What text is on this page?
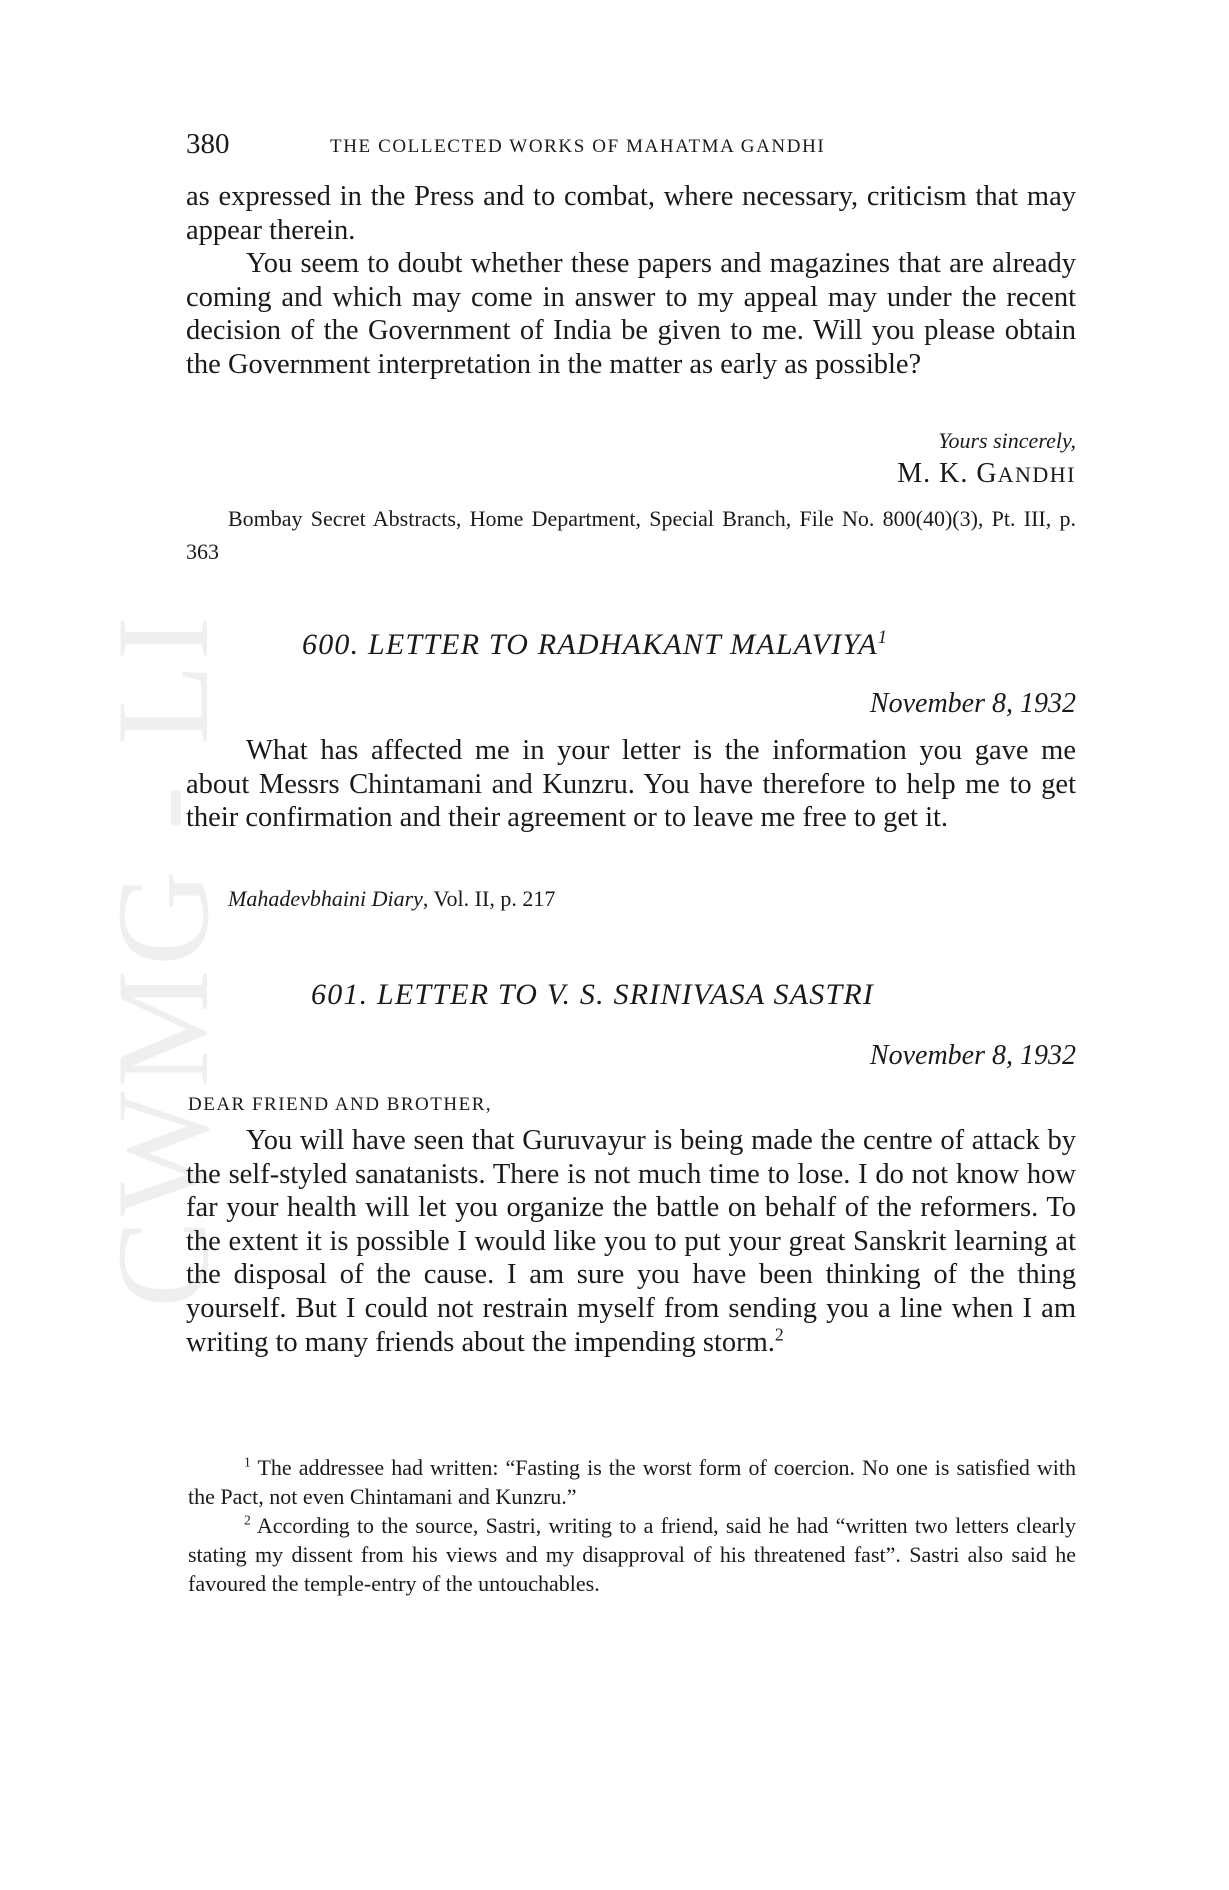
CWMG - LI
380	THE COLLECTED WORKS OF MAHATMA GANDHI

as expressed in the Press and to combat, where necessary, criticism that may appear therein.

You seem to doubt whether these papers and magazines that are already coming and which may come in answer to my appeal may under the recent decision of the Government of India be given to me. Will you please obtain the Government interpretation in the matter as early as possible?

Yours sincerely,
M. K. GANDHI
Bombay Secret Abstracts, Home Department, Special Branch, File No. 800(40)(3), Pt. III, p. 363
600. LETTER TO RADHAKANT MALAVIYA$^1$
November 8, 1932

What has affected me in your letter is the information you gave me about Messrs Chintamani and Kunzru. You have therefore to help me to get their confirmation and their agreement or to leave me free to get it.

Mahadevbhaini Diary, Vol. II, p. 217
601. LETTER TO V. S. SRINIVASA SASTRI
November 8, 1932
DEAR FRIEND AND BROTHER,

You will have seen that Guruvayur is being made the centre of attack by the self-styled sanatanists. There is not much time to lose. I do not know how far your health will let you organize the battle on behalf of the reformers. To the extent it is possible I would like you to put your great Sanskrit learning at the disposal of the cause. I am sure you have been thinking of the thing yourself. But I could not restrain myself from sending you a line when I am writing to many friends about the impending storm.$^2$

$^1$ The addressee had written: “Fasting is the worst form of coercion. No one is satisfied with the Pact, not even Chintamani and Kunzru.”

$^2$ According to the source, Sastri, writing to a friend, said he had “written two letters clearly stating my dissent from his views and my disapproval of his threatened fast”. Sastri also said he favoured the temple-entry of the untouchables.
